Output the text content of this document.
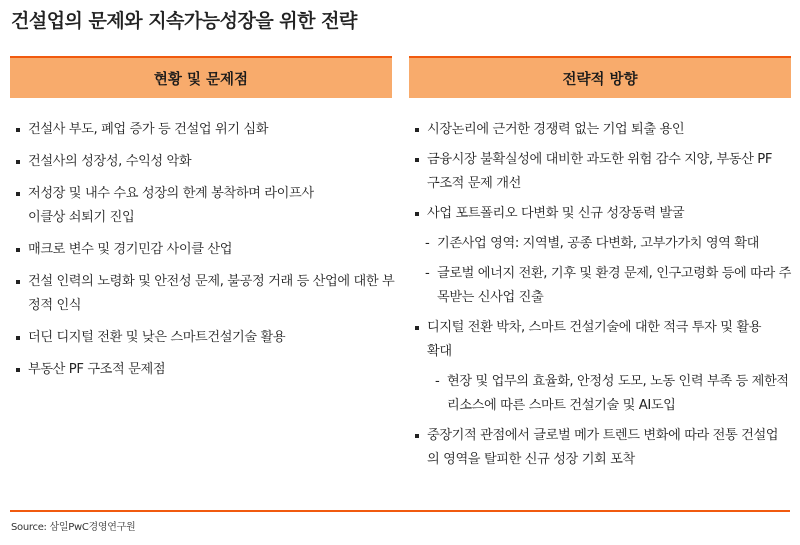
건설업의 문제와 지속가능성장을 위한 전략
현황 및 문제점
건설사 부도, 폐업 증가 등 건설업 위기 심화
건설사의 성장성, 수익성 악화
저성장 및 내수 수요 성장의 한계 봉착하며 라이프사이클상 쇠퇴기 진입
매크로 변수 및 경기민감 사이클 산업
건설 인력의 노령화 및 안전성 문제, 불공정 거래 등 산업에 대한 부정적 인식
더딘 디지털 전환 및 낮은 스마트건설기술 활용
부동산 PF 구조적 문제점
전략적 방향
시장논리에 근거한 경쟁력 없는 기업 퇴출 용인
금융시장 불확실성에 대비한 과도한 위험 감수 지양, 부동산 PF구조적 문제 개선
사업 포트폴리오 다변화 및 신규 성장동력 발굴
- 기존사업 영역: 지역별, 공종 다변화, 고부가가치 영역 확대
- 글로벌 에너지 전환, 기후 및 환경 문제, 인구고령화 등에 따라 주목받는 신사업 진출
디지털 전환 박차, 스마트 건설기술에 대한 적극 투자 및 활용 확대
- 현장 및 업무의 효율화, 안정성 도모, 노동 인력 부족 등 제한적 리소스에 따른 스마트 건설기술 및 AI도입
중장기적 관점에서 글로벌 메가 트렌드 변화에 따라 전통 건설업의 영역을 탈피한 신규 성장 기회 포착
Source: 삼일PwC경영연구원
